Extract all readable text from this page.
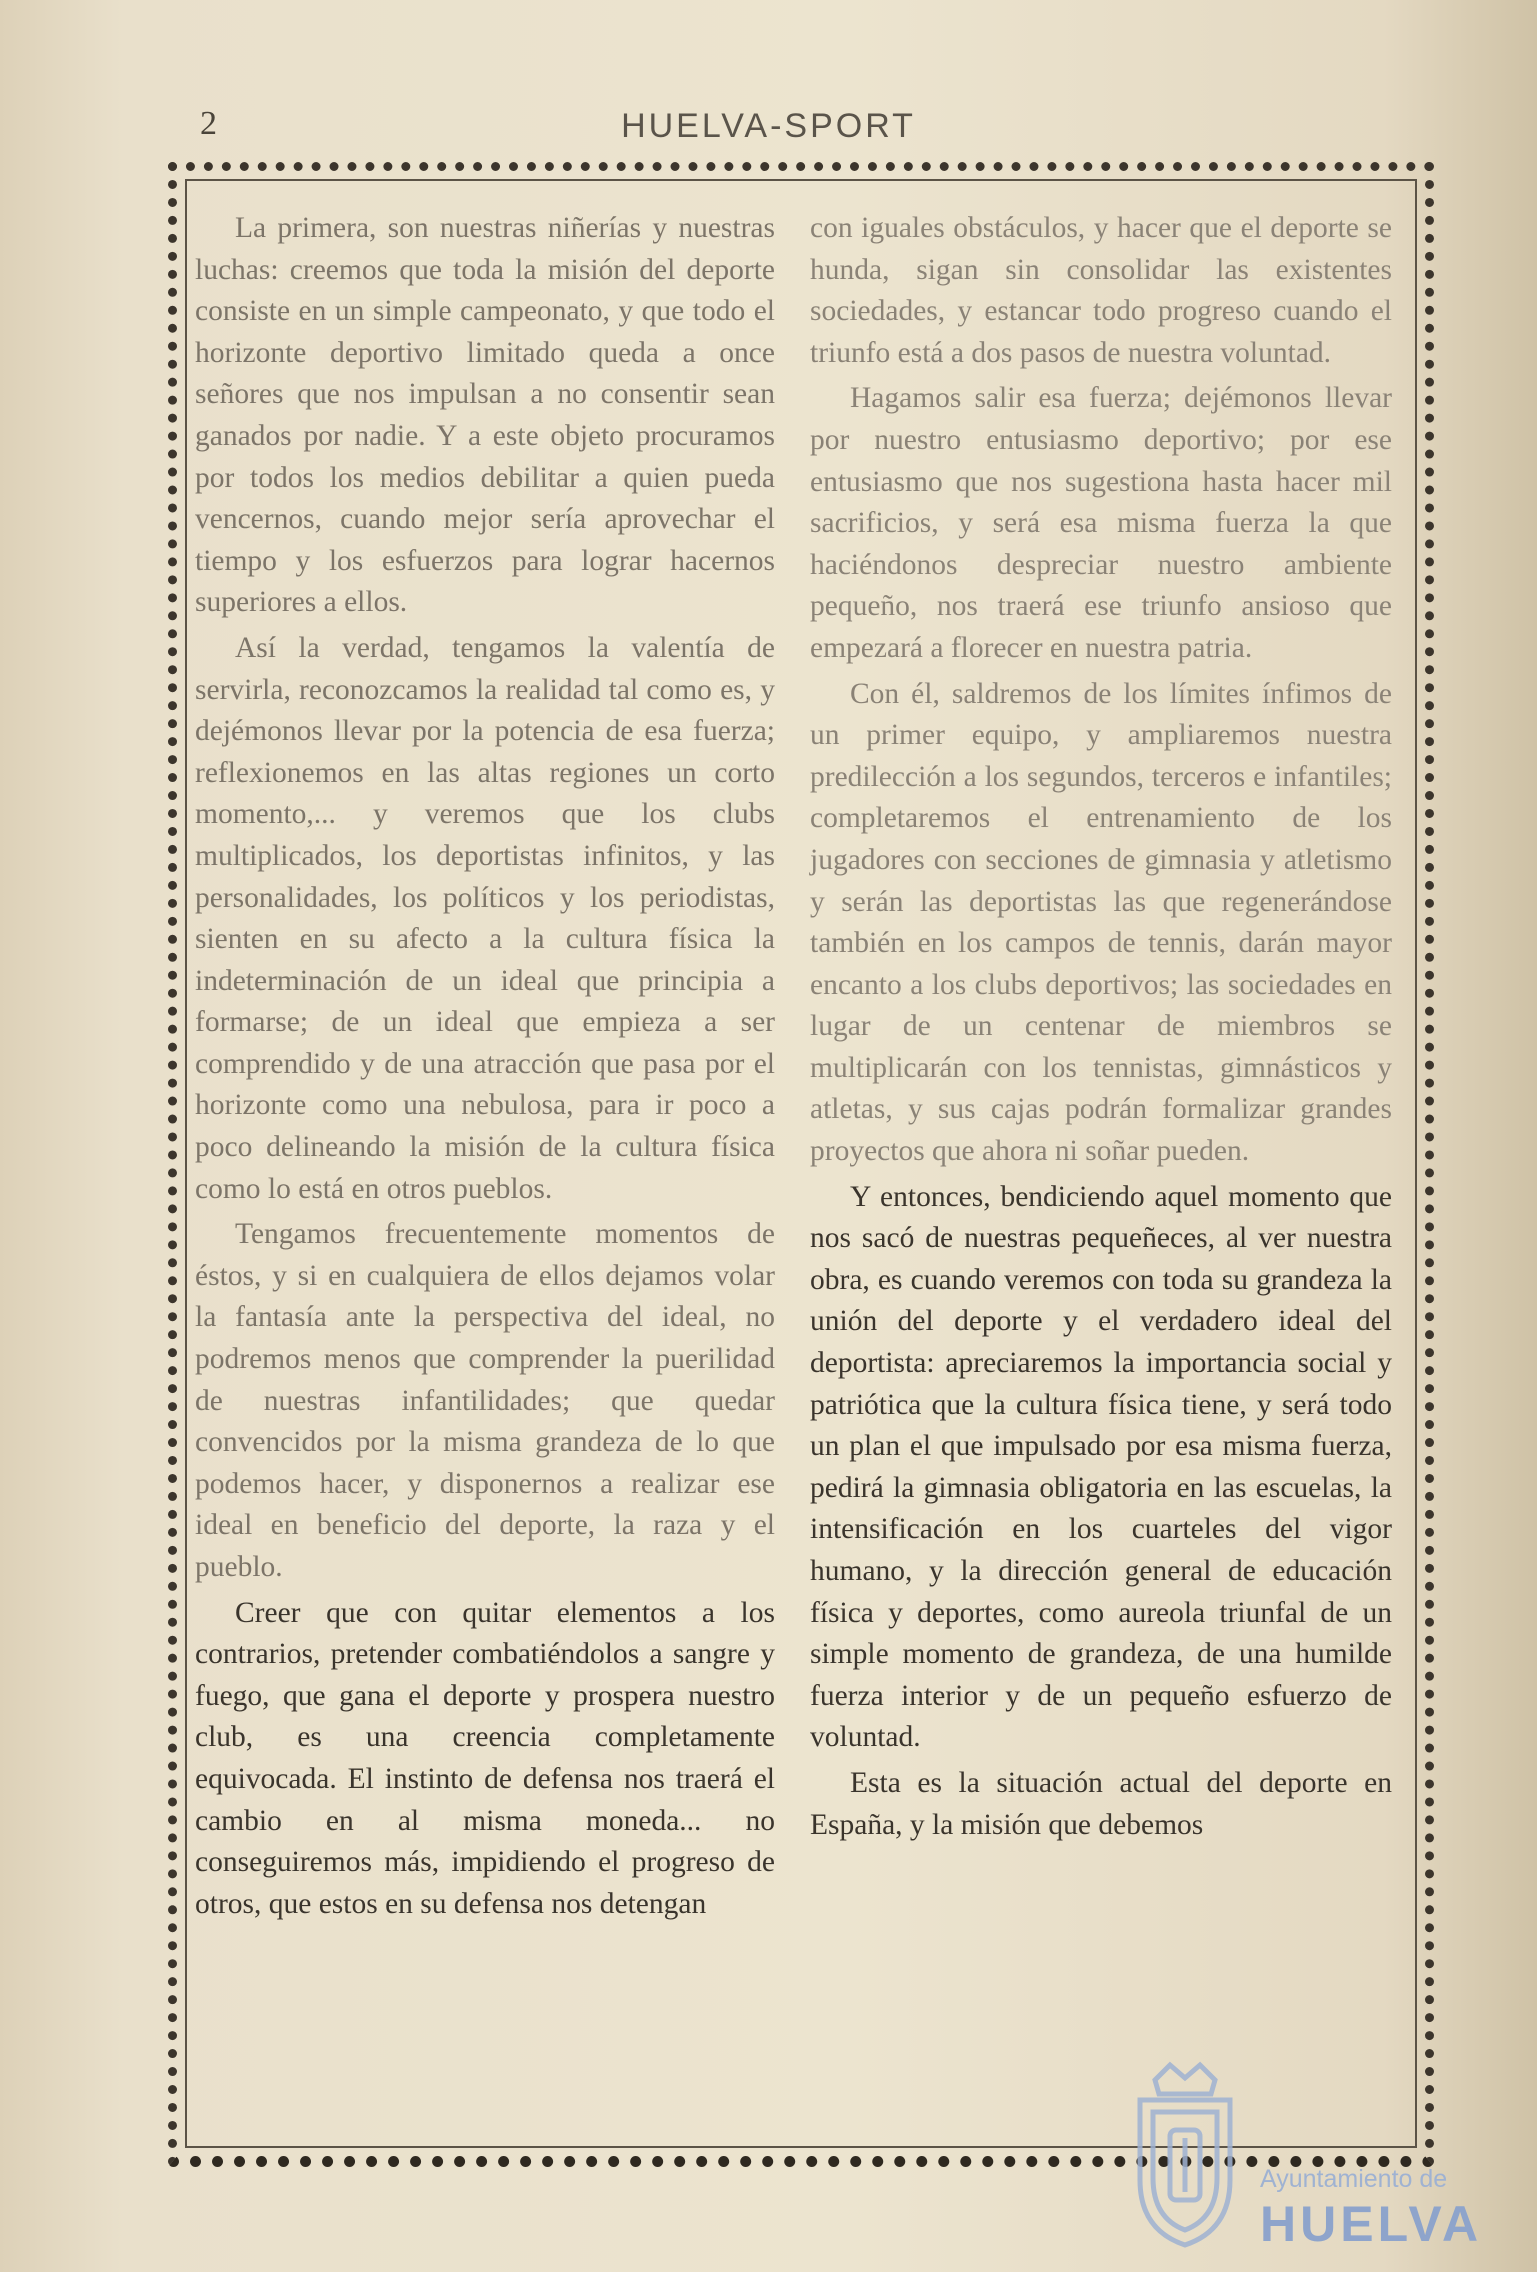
2	HUELVA-SPORT

La primera, son nuestras niñerías y nuestras luchas: creemos que toda la misión del deporte consiste en un simple campeonato, y que todo el horizonte deportivo limitado queda a once señores que nos impulsan a no consentir sean ganados por nadie. Y a este objeto procuramos por todos los medios debilitar a quien pueda vencernos, cuando mejor sería aprovechar el tiempo y los esfuerzos para lograr hacernos superiores a ellos.

Así la verdad, tengamos la valentía de servirla, reconozcamos la realidad tal como es, y dejémonos llevar por la potencia de esa fuerza; reflexionemos en las altas regiones un corto momento,... y veremos que los clubs multiplicados, los deportistas infinitos, y las personalidades, los políticos y los periodistas, sienten en su afecto a la cultura física la indeterminación de un ideal que principia a formarse; de un ideal que empieza a ser comprendido y de una atracción que pasa por el horizonte como una nebulosa, para ir poco a poco delineando la misión de la cultura física como lo está en otros pueblos.

Tengamos frecuentemente momentos de éstos, y si en cualquiera de ellos dejamos volar la fantasía ante la perspectiva del ideal, no podremos menos que comprender la puerilidad de nuestras infantilidades; que quedar convencidos por la misma grandeza de lo que podemos hacer, y disponernos a realizar ese ideal en beneficio del deporte, la raza y el pueblo.

Creer que con quitar elementos a los contrarios, pretender combatiéndolos a sangre y fuego, que gana el deporte y prospera nuestro club, es una creencia completamente equivocada. El instinto de defensa nos traerá el cambio en al misma moneda... no conseguiremos más, impidiendo el progreso de otros, que estos en su defensa nos detengan

con iguales obstáculos, y hacer que el deporte se hunda, sigan sin consolidar las existentes sociedades, y estancar todo progreso cuando el triunfo está a dos pasos de nuestra voluntad.

Hagamos salir esa fuerza; dejémonos llevar por nuestro entusiasmo deportivo; por ese entusiasmo que nos sugestiona hasta hacer mil sacrificios, y será esa misma fuerza la que haciéndonos despreciar nuestro ambiente pequeño, nos traerá ese triunfo ansioso que empezará a florecer en nuestra patria.

Con él, saldremos de los límites ínfimos de un primer equipo, y ampliaremos nuestra predilección a los segundos, terceros e infantiles; completaremos el entrenamiento de los jugadores con secciones de gimnasia y atletismo y serán las deportistas las que regenerándose también en los campos de tennis, darán mayor encanto a los clubs deportivos; las sociedades en lugar de un centenar de miembros se multiplicarán con los tennistas, gimnásticos y atletas, y sus cajas podrán formalizar grandes proyectos que ahora ni soñar pueden.

Y entonces, bendiciendo aquel momento que nos sacó de nuestras pequeñeces, al ver nuestra obra, es cuando veremos con toda su grandeza la unión del deporte y el verdadero ideal del deportista: apreciaremos la importancia social y patriótica que la cultura física tiene, y será todo un plan el que impulsado por esa misma fuerza, pedirá la gimnasia obligatoria en las escuelas, la intensificación en los cuarteles del vigor humano, y la dirección general de educación física y deportes, como aureola triunfal de un simple momento de grandeza, de una humilde fuerza interior y de un pequeño esfuerzo de voluntad.

Esta es la situación actual del deporte en España, y la misión que debemos

Ayuntamiento de
HUELVA
